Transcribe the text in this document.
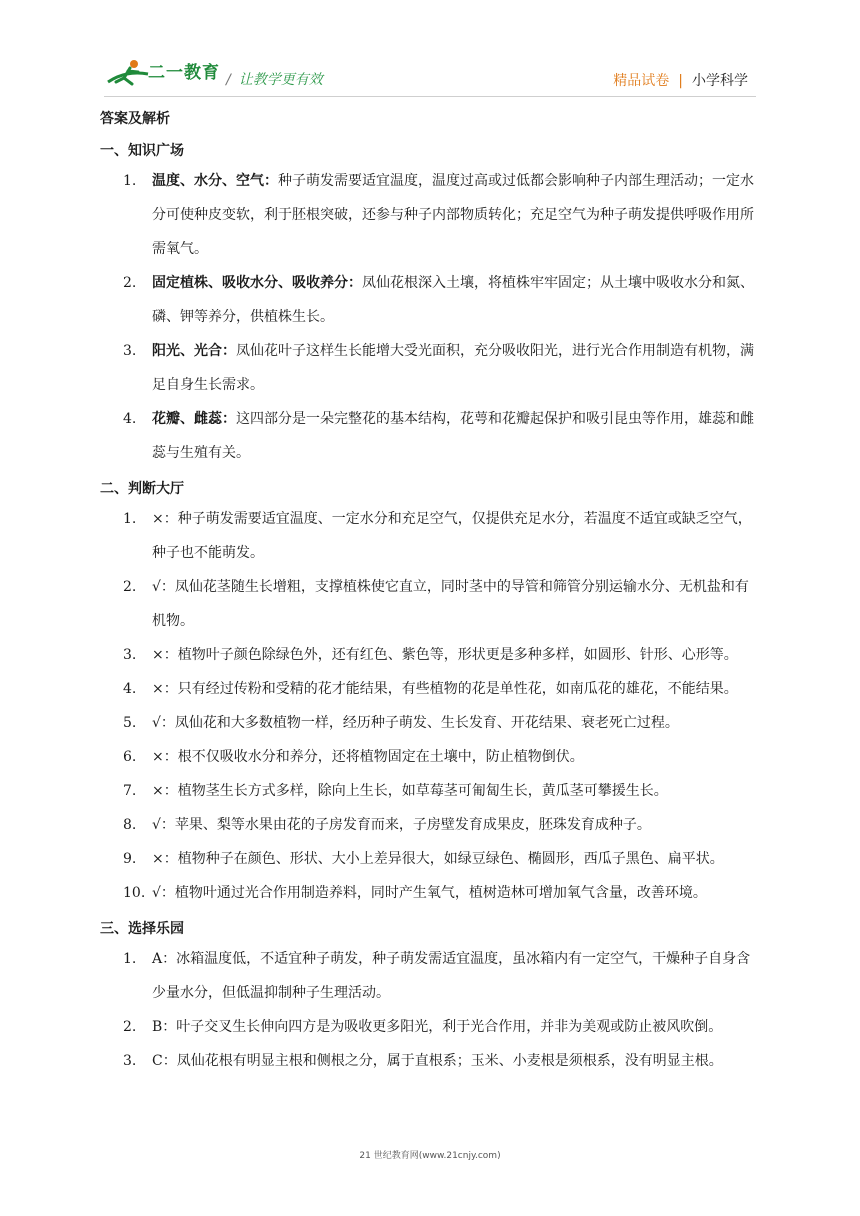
二一教育 / 让教学更有效	精品试卷 | 小学科学
答案及解析
一、知识广场
1. 温度、水分、空气：种子萌发需要适宜温度，温度过高或过低都会影响种子内部生理活动；一定水分可使种皮变软，利于胚根突破，还参与种子内部物质转化；充足空气为种子萌发提供呼吸作用所需氧气。
2. 固定植株、吸收水分、吸收养分：凤仙花根深入土壤，将植株牢牢固定；从土壤中吸收水分和氮、磷、钾等养分，供植株生长。
3. 阳光、光合：凤仙花叶子这样生长能增大受光面积，充分吸收阳光，进行光合作用制造有机物，满足自身生长需求。
4. 花瓣、雌蕊：这四部分是一朵完整花的基本结构，花萼和花瓣起保护和吸引昆虫等作用，雄蕊和雌蕊与生殖有关。
二、判断大厅
1. ×：种子萌发需要适宜温度、一定水分和充足空气，仅提供充足水分，若温度不适宜或缺乏空气，种子也不能萌发。
2. √：凤仙花茎随生长增粗，支撑植株使它直立，同时茎中的导管和筛管分别运输水分、无机盐和有机物。
3. ×：植物叶子颜色除绿色外，还有红色、紫色等，形状更是多种多样，如圆形、针形、心形等。
4. ×：只有经过传粉和受精的花才能结果，有些植物的花是单性花，如南瓜花的雄花，不能结果。
5. √：凤仙花和大多数植物一样，经历种子萌发、生长发育、开花结果、衰老死亡过程。
6. ×：根不仅吸收水分和养分，还将植物固定在土壤中，防止植物倒伏。
7. ×：植物茎生长方式多样，除向上生长，如草莓茎可匍匐生长，黄瓜茎可攀援生长。
8. √：苹果、梨等水果由花的子房发育而来，子房壁发育成果皮，胚珠发育成种子。
9. ×：植物种子在颜色、形状、大小上差异很大，如绿豆绿色、椭圆形，西瓜子黑色、扁平状。
10. √：植物叶通过光合作用制造养料，同时产生氧气，植树造林可增加氧气含量，改善环境。
三、选择乐园
1. A：冰箱温度低，不适宜种子萌发，种子萌发需适宜温度，虽冰箱内有一定空气，干燥种子自身含少量水分，但低温抑制种子生理活动。
2. B：叶子交叉生长伸向四方是为吸收更多阳光，利于光合作用，并非为美观或防止被风吹倒。
3. C：凤仙花根有明显主根和侧根之分，属于直根系；玉米、小麦根是须根系，没有明显主根。
21 世纪教育网(www.21cnjy.com)
